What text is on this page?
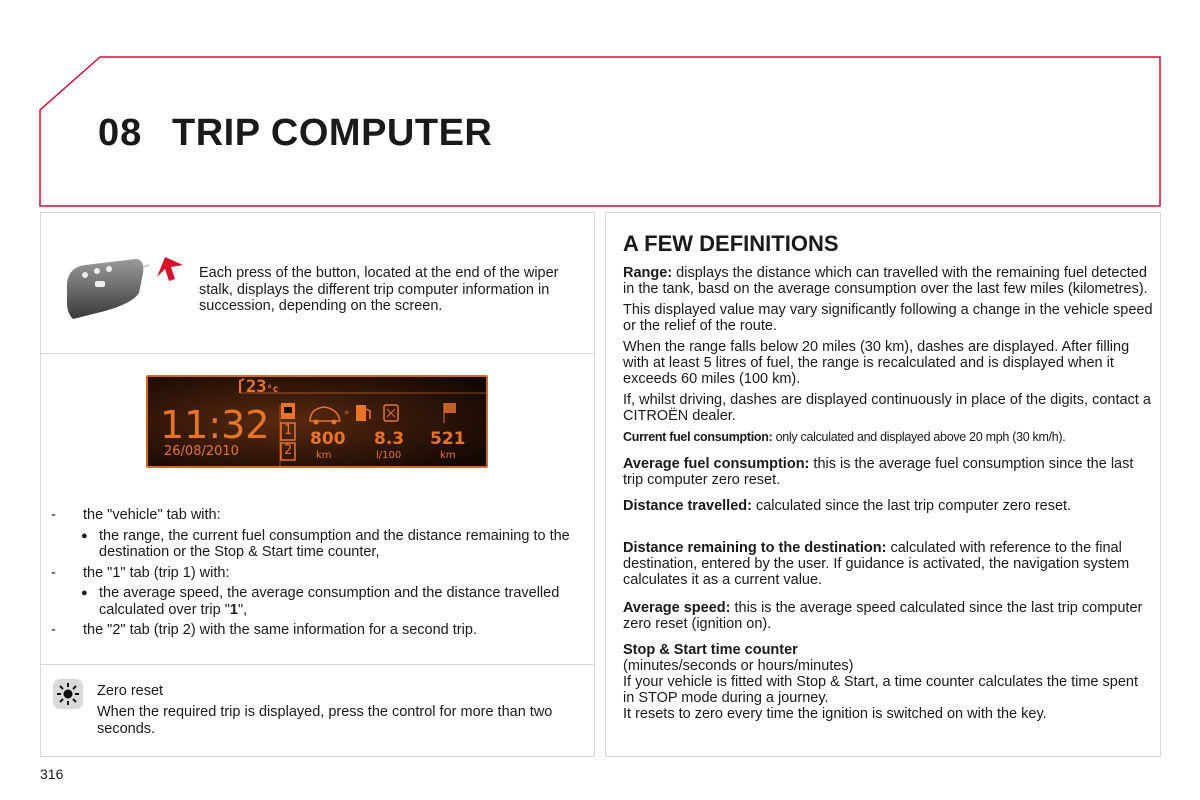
08 TRIP COMPUTER
Each press of the button, located at the end of the wiper stalk, displays the different trip computer information in succession, depending on the screen.
»
23°c
11:32
26/08/2010
1
2
800
km
8.3
l/100
521
km
- the "vehicle" tab with:
● the range, the current fuel consumption and the distance remaining to the destination or the Stop & Start time counter,
- the "1" tab (trip 1) with:
● the average speed, the average consumption and the distance travelled calculated over trip "1",
- the "2" tab (trip 2) with the same information for a second trip.
Zero reset
When the required trip is displayed, press the control for more than two seconds.
A FEW DEFINITIONS

Range: displays the distance which can travelled with the remaining fuel detected in the tank, basd on the average consumption over the last few miles (kilometres).

This displayed value may vary significantly following a change in the vehicle speed or the relief of the route.

When the range falls below 20 miles (30 km), dashes are displayed. After filling with at least 5 litres of fuel, the range is recalculated and is displayed when it exceeds 60 miles (100 km).

If, whilst driving, dashes are displayed continuously in place of the digits, contact a CITROËN dealer.

Current fuel consumption: only calculated and displayed above 20 mph (30 km/h).

Average fuel consumption: this is the average fuel consumption since the last trip computer zero reset.

Distance travelled: calculated since the last trip computer zero reset.

Distance remaining to the destination: calculated with reference to the final destination, entered by the user. If guidance is activated, the navigation system calculates it as a current value.

Average speed: this is the average speed calculated since the last trip computer zero reset (ignition on).

Stop & Start time counter

(minutes/seconds or hours/minutes)

If your vehicle is fitted with Stop & Start, a time counter calculates the time spent in STOP mode during a journey.

It resets to zero every time the ignition is switched on with the key.

316
